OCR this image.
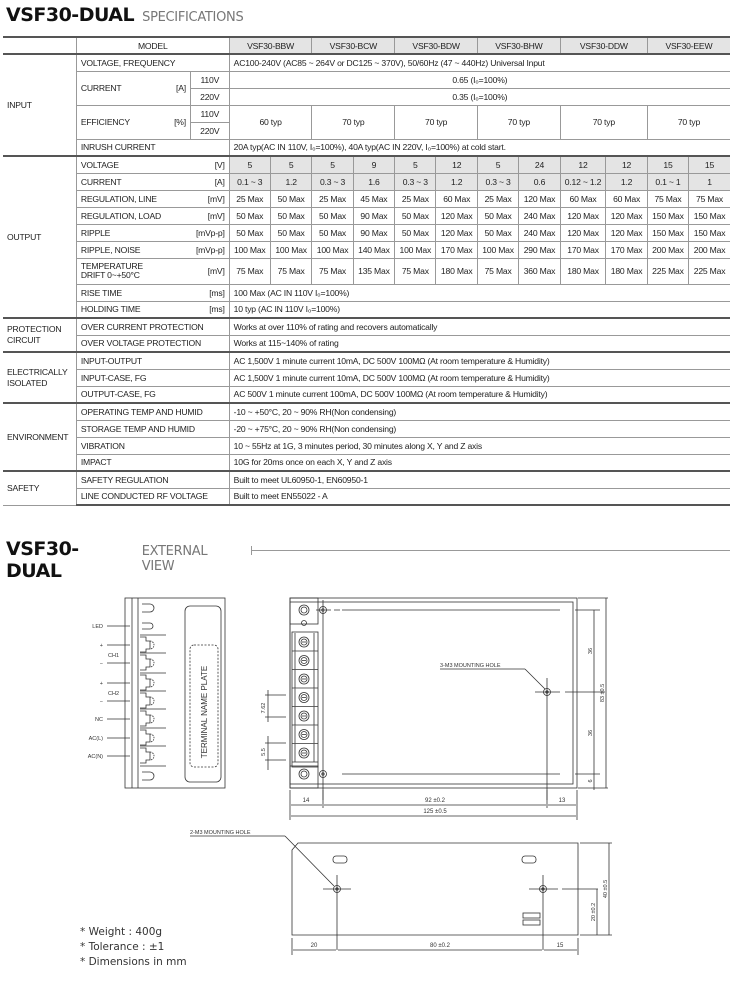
VSF30-DUAL SPECIFICATIONS
	MODEL			VSF30-BBW		VSF30-BCW		VSF30-BDW		VSF30-BHW		VSF30-DDW		VSF30-EEW	
INPUT	VOLTAGE, FREQUENCY			AC100-240V (AC85 ~ 264V or DC125 ~ 370V), 50/60Hz (47 ~ 440Hz) Universal Input											
	CURRENT	[A]	110V	0.65 (I₀=100%)											
			220V	0.35 (I₀=100%)											
	EFFICIENCY	[%]	110V	60 typ		70 typ		70 typ		70 typ		70 typ		70 typ	
			220V												
	INRUSH CURRENT			20A typ(AC IN 110V, I₀=100%), 40A typ(AC IN 220V, I₀=100%) at cold start.											
OUTPUT	VOLTAGE		[V]	5	5	5	9	5	12	5	24	12	12	15	15
	CURRENT		[A]	0.1 ~ 3	1.2	0.3 ~ 3	1.6	0.3 ~ 3	1.2	0.3 ~ 3	0.6	0.12 ~ 1.2	1.2	0.1 ~ 1	1
	REGULATION, LINE		[mV]	25 Max	50 Max	25 Max	45 Max	25 Max	60 Max	25 Max	120 Max	60 Max	60 Max	75 Max	75 Max
	REGULATION, LOAD		[mV]	50 Max	50 Max	50 Max	90 Max	50 Max	120 Max	50 Max	240 Max	120 Max	120 Max	150 Max	150 Max
	RIPPLE		[mVp-p]	50 Max	50 Max	50 Max	90 Max	50 Max	120 Max	50 Max	240 Max	120 Max	120 Max	150 Max	150 Max
	RIPPLE, NOISE		[mVp-p]	100 Max	100 Max	100 Max	140 Max	100 Max	170 Max	100 Max	290 Max	170 Max	170 Max	200 Max	200 Max

	TEMPERATURE
DRIFT 0~+50°C		[mV]	75 Max	75 Max	75 Max	135 Max	75 Max	180 Max	75 Max	360 Max	180 Max	180 Max	225 Max	225 Max
	RISE TIME		[ms]	100 Max (AC IN 110V I₀=100%)											
	HOLDING TIME		[ms]	10 typ (AC IN 110V I₀=100%)											
PROTECTION CIRCUIT	OVER CURRENT PROTECTION			Works at over 110% of rating and recovers automatically											
	OVER VOLTAGE PROTECTION			Works at 115~140% of rating											
ELECTRICALLY ISOLATED	INPUT-OUTPUT			AC 1,500V 1 minute current 10mA, DC 500V 100MΩ (At room temperature & Humidity)											
	INPUT-CASE, FG			AC 1,500V 1 minute current 10mA, DC 500V 100MΩ (At room temperature & Humidity)											
	OUTPUT-CASE, FG			AC 500V 1 minute current 100mA, DC 500V 100MΩ (At room temperature & Humidity)											
ENVIRONMENT	OPERATING TEMP AND HUMID			-10 ~ +50°C, 20 ~ 90% RH(Non condensing)											
	STORAGE TEMP AND HUMID			-20 ~ +75°C, 20 ~ 90% RH(Non condensing)											
	VIBRATION			10 ~ 55Hz at 1G, 3 minutes period, 30 minutes along X, Y and Z axis											
	IMPACT			10G for 20ms once on each X, Y and Z axis											
SAFETY	SAFETY REGULATION			Built to meet UL60950-1, EN60950-1											
	LINE CONDUCTED RF VOLTAGE			Built to meet EN55022 - A											
VSF30-DUAL
EXTERNAL VIEW
TERMINAL NAME PLATE
LED
+
−
+
−
NC
AC(L)
AC(N)
CH1
CH2
3-M3 MOUNTING HOLE
7.62
5.5
14	92 ±0.2	13
125 ±0.5
36
36
6
83 ±0.5
2-M3 MOUNTING HOLE
20	80 ±0.2	15
20 ±0.2
40 ±0.5
* Weight : 400g
* Tolerance : ±1
* Dimensions in mm
